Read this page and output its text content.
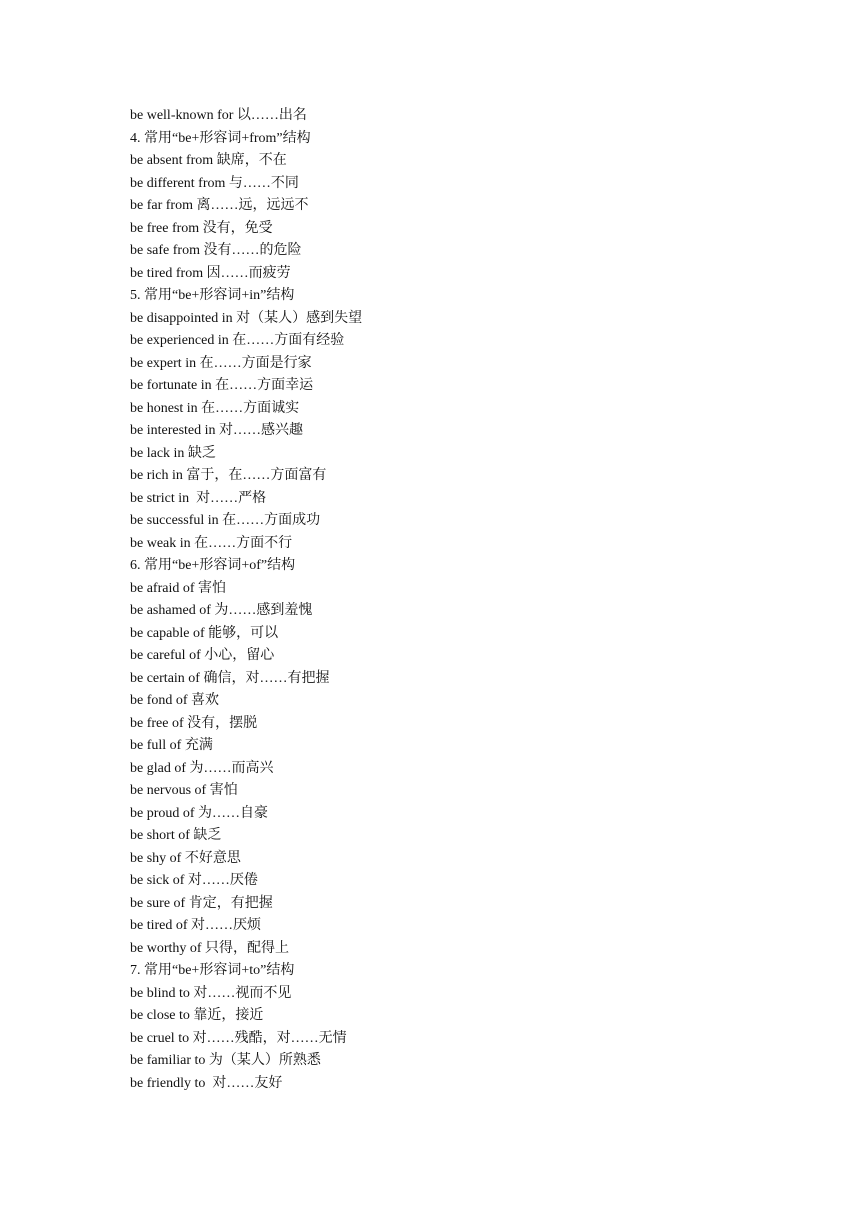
be well-known for 以……出名
4. 常用“be+形容词+from”结构
be absent from 缺席，不在
be different from 与……不同
be far from 离……远，远远不
be free from 没有，免受
be safe from 没有……的危险
be tired from 因……而疲劳
5. 常用“be+形容词+in”结构
be disappointed in 对（某人）感到失望
be experienced in 在……方面有经验
be expert in 在……方面是行家
be fortunate in 在……方面幸运
be honest in 在……方面诚实
be interested in 对……感兴趣
be lack in 缺乏
be rich in 富于，在……方面富有
be strict in  对……严格
be successful in 在……方面成功
be weak in 在……方面不行
6. 常用“be+形容词+of”结构
be afraid of 害怕
be ashamed of 为……感到羞愧
be capable of 能够，可以
be careful of 小心，留心
be certain of 确信，对……有把握
be fond of 喜欢
be free of 没有，摆脱
be full of 充满
be glad of 为……而高兴
be nervous of 害怕
be proud of 为……自豪
be short of 缺乏
be shy of 不好意思
be sick of 对……厌倦
be sure of 肯定，有把握
be tired of 对……厌烦
be worthy of 只得，配得上
7. 常用“be+形容词+to”结构
be blind to 对……视而不见
be close to 靠近，接近
be cruel to 对……残酷，对……无情
be familiar to 为（某人）所熟悉
be friendly to  对……友好
